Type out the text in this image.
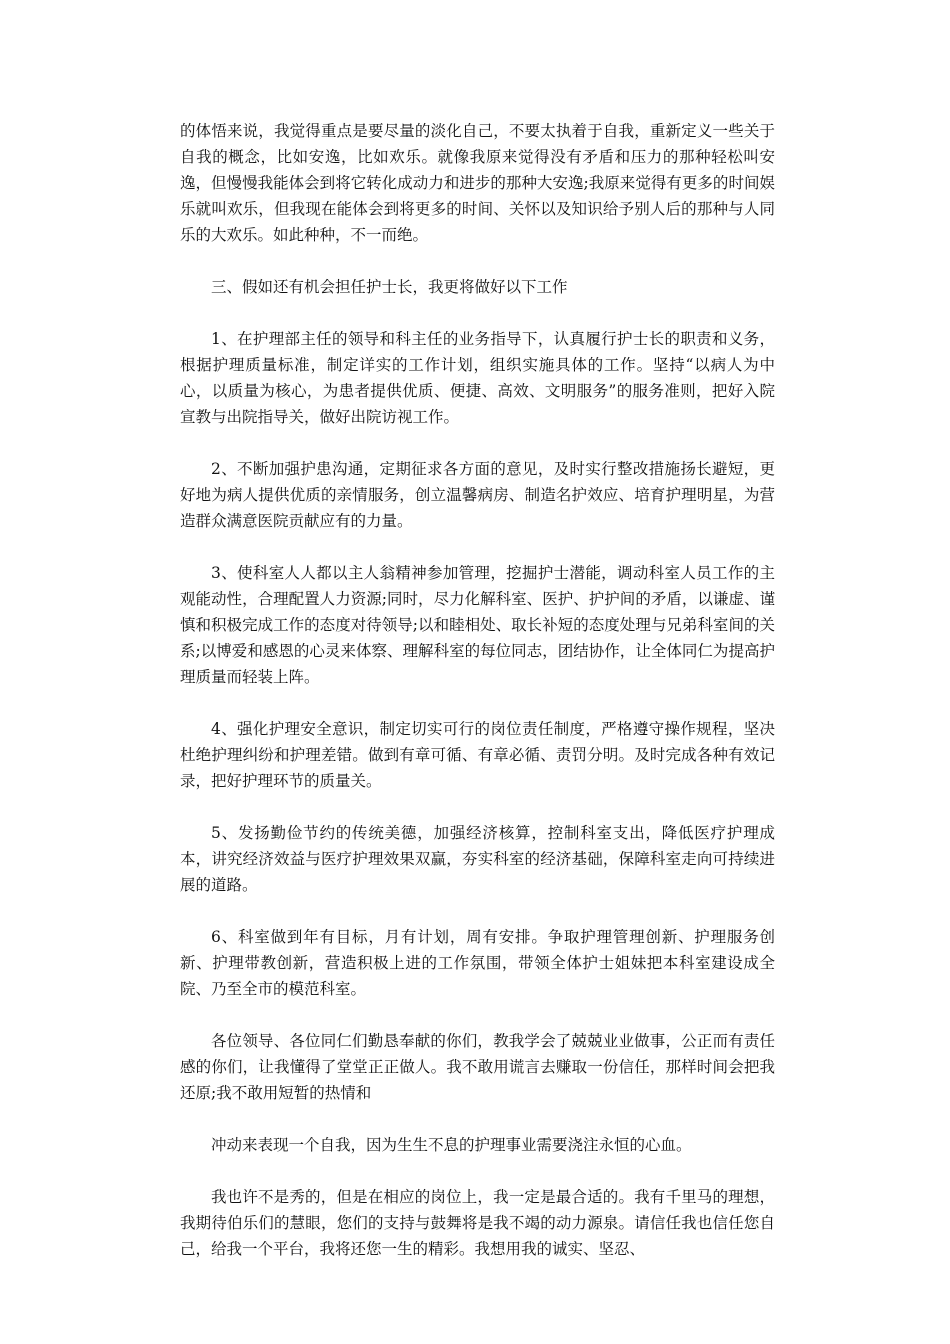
的体悟来说，我觉得重点是要尽量的淡化自己，不要太执着于自我，重新定义一些关于自我的概念，比如安逸，比如欢乐。就像我原来觉得没有矛盾和压力的那种轻松叫安逸，但慢慢我能体会到将它转化成动力和进步的那种大安逸;我原来觉得有更多的时间娱乐就叫欢乐，但我现在能体会到将更多的时间、关怀以及知识给予别人后的那种与人同乐的大欢乐。如此种种，不一而绝。

三、假如还有机会担任护士长，我更将做好以下工作

1、在护理部主任的领导和科主任的业务指导下，认真履行护士长的职责和义务，根据护理质量标准，制定详实的工作计划，组织实施具体的工作。坚持“以病人为中心，以质量为核心，为患者提供优质、便捷、高效、文明服务”的服务准则，把好入院宣教与出院指导关，做好出院访视工作。

2、不断加强护患沟通，定期征求各方面的意见，及时实行整改措施扬长避短，更好地为病人提供优质的亲情服务，创立温馨病房、制造名护效应、培育护理明星，为营造群众满意医院贡献应有的力量。

3、使科室人人都以主人翁精神参加管理，挖掘护士潜能，调动科室人员工作的主观能动性，合理配置人力资源;同时，尽力化解科室、医护、护护间的矛盾，以谦虚、谨慎和积极完成工作的态度对待领导;以和睦相处、取长补短的态度处理与兄弟科室间的关系;以博爱和感恩的心灵来体察、理解科室的每位同志，团结协作，让全体同仁为提高护理质量而轻装上阵。

4、强化护理安全意识，制定切实可行的岗位责任制度，严格遵守操作规程，坚决杜绝护理纠纷和护理差错。做到有章可循、有章必循、责罚分明。及时完成各种有效记录，把好护理环节的质量关。

5、发扬勤俭节约的传统美德，加强经济核算，控制科室支出，降低医疗护理成本，讲究经济效益与医疗护理效果双赢，夯实科室的经济基础，保障科室走向可持续进展的道路。

6、科室做到年有目标，月有计划，周有安排。争取护理管理创新、护理服务创新、护理带教创新，营造积极上进的工作氛围，带领全体护士姐妹把本科室建设成全院、乃至全市的模范科室。

各位领导、各位同仁们勤恳奉献的你们，教我学会了兢兢业业做事，公正而有责任感的你们，让我懂得了堂堂正正做人。我不敢用谎言去赚取一份信任，那样时间会把我还原;我不敢用短暂的热情和

冲动来表现一个自我，因为生生不息的护理事业需要浇注永恒的心血。

我也许不是秀的，但是在相应的岗位上，我一定是最合适的。我有千里马的理想，我期待伯乐们的慧眼，您们的支持与鼓舞将是我不竭的动力源泉。请信任我也信任您自己，给我一个平台，我将还您一生的精彩。我想用我的诚实、坚忍、
